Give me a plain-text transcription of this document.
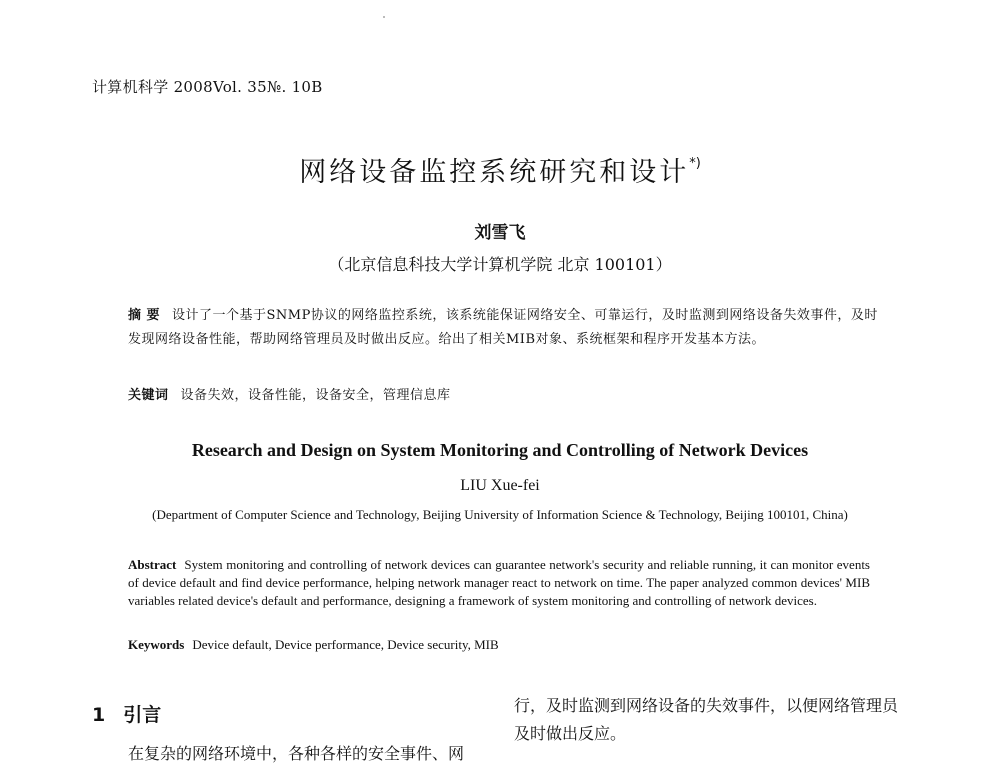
计算机科学 2008Vol. 35№. 10B
网络设备监控系统研究和设计*)
刘雪飞
（北京信息科技大学计算机学院 北京 100101）
摘 要 设计了一个基于SNMP协议的网络监控系统，该系统能保证网络安全、可靠运行，及时监测到网络设备失效事件，及时发现网络设备性能，帮助网络管理员及时做出反应。给出了相关MIB对象、系统框架和程序开发基本方法。
关键词 设备失效，设备性能，设备安全，管理信息库
Research and Design on System Monitoring and Controlling of Network Devices
LIU Xue-fei
(Department of Computer Science and Technology, Beijing University of Information Science & Technology, Beijing 100101, China)
Abstract System monitoring and controlling of network devices can guarantee network's security and reliable running, it can monitor events of device default and find device performance, helping network manager react to network on time. The paper analyzed common devices' MIB variables related device's default and performance, designing a framework of system monitoring and controlling of network devices.
Keywords Device default, Device performance, Device security, MIB
1 引言
在复杂的网络环境中，各种各样的安全事件、网
行，及时监测到网络设备的失效事件，以便网络管理员及时做出反应。
